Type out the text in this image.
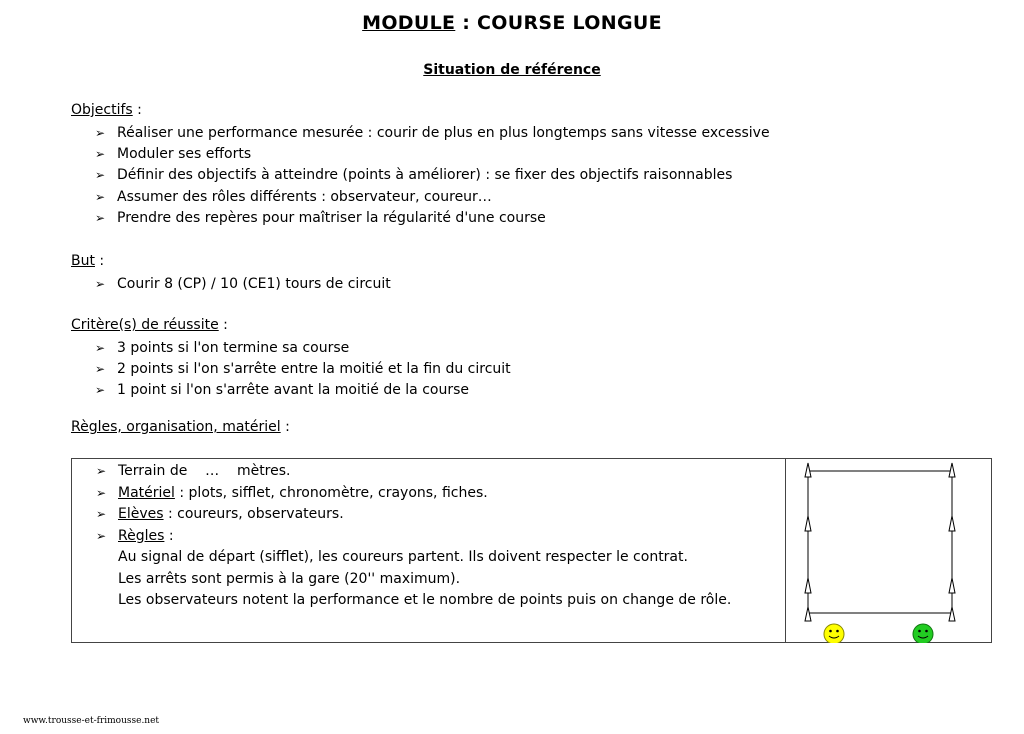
MODULE : COURSE LONGUE
Situation de référence
Objectifs :
➢ Réaliser une performance mesurée : courir de plus en plus longtemps sans vitesse excessive
➢ Moduler ses efforts
➢ Définir des objectifs à atteindre (points à améliorer) : se fixer des objectifs raisonnables
➢ Assumer des rôles différents : observateur, coureur…
➢ Prendre des repères pour maîtriser la régularité d'une course
But :
➢ Courir 8 (CP) / 10 (CE1) tours de circuit
Critère(s) de réussite :
➢ 3 points si l'on termine sa course
➢ 2 points si l'on s'arrête entre la moitié et la fin du circuit
➢ 1 point si l'on s'arrête avant la moitié de la course
Règles, organisation, matériel :
➢ Terrain de    …    mètres.
➢ Matériel : plots, sifflet, chronomètre, crayons, fiches.
➢ Elèves : coureurs, observateurs.
➢ Règles :
Au signal de départ (sifflet), les coureurs partent. Ils doivent respecter le contrat.
Les arrêts sont permis à la gare (20'' maximum).
Les observateurs notent la performance et le nombre de points puis on change de rôle.
www.trousse-et-frimousse.net
